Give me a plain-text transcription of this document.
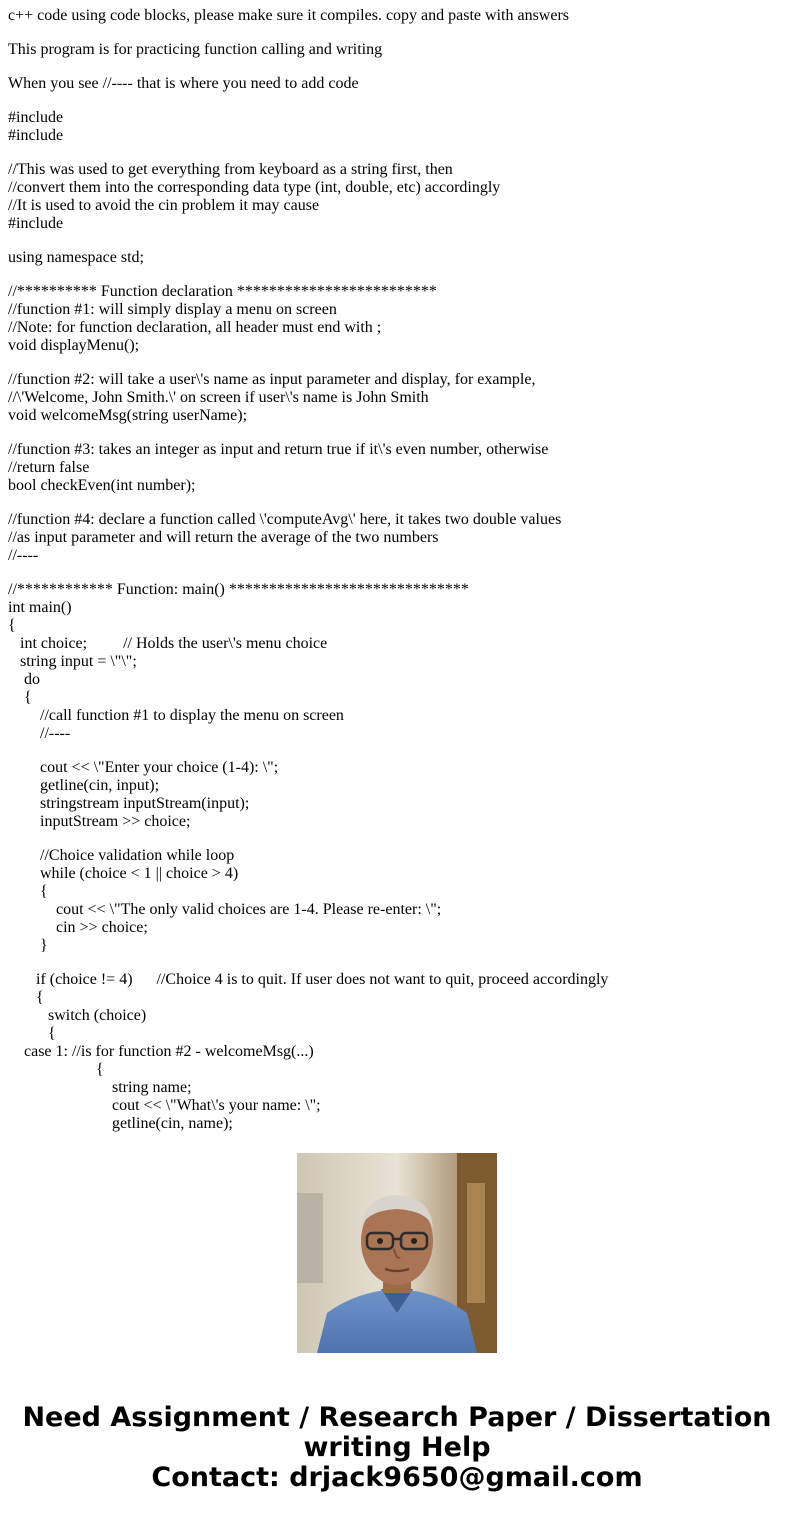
c++ code using code blocks, please make sure it compiles. copy and paste with answers
This program is for practicing function calling and writing
When you see //---- that is where you need to add code
#include
#include
//This was used to get everything from keyboard as a string first, then
//convert them into the corresponding data type (int, double, etc) accordingly
//It is used to avoid the cin problem it may cause
#include
using namespace std;
//********** Function declaration *************************
//function #1: will simply display a menu on screen
//Note: for function declaration, all header must end with ;
void displayMenu();
//function #2: will take a user\'s name as input parameter and display, for example,
//\'Welcome, John Smith.\' on screen if user\'s name is John Smith
void welcomeMsg(string userName);
//function #3: takes an integer as input and return true if it\'s even number, otherwise
//return false
bool checkEven(int number);
//function #4: declare a function called \'computeAvg\' here, it takes two double values
//as input parameter and will return the average of the two numbers
//----
//************ Function: main() ******************************
int main()
{
int choice;         // Holds the user\'s menu choice
string input = \"\";
do
{
//call function #1 to display the menu on screen
//----
cout << \"Enter your choice (1-4): \";
getline(cin, input);
stringstream inputStream(input);
inputStream >> choice;
//Choice validation while loop
while (choice < 1 || choice > 4)
{
cout << \"The only valid choices are 1-4. Please re-enter: \";
cin >> choice;
}
if (choice != 4)      //Choice 4 is to quit. If user does not want to quit, proceed accordingly
{
switch (choice)
{
case 1: //is for function #2 - welcomeMsg(...)
{
string name;
cout << \"What\'s your name: \";
getline(cin, name);
Need Assignment / Research Paper / Dissertation
writing Help
Contact: drjack9650@gmail.com
